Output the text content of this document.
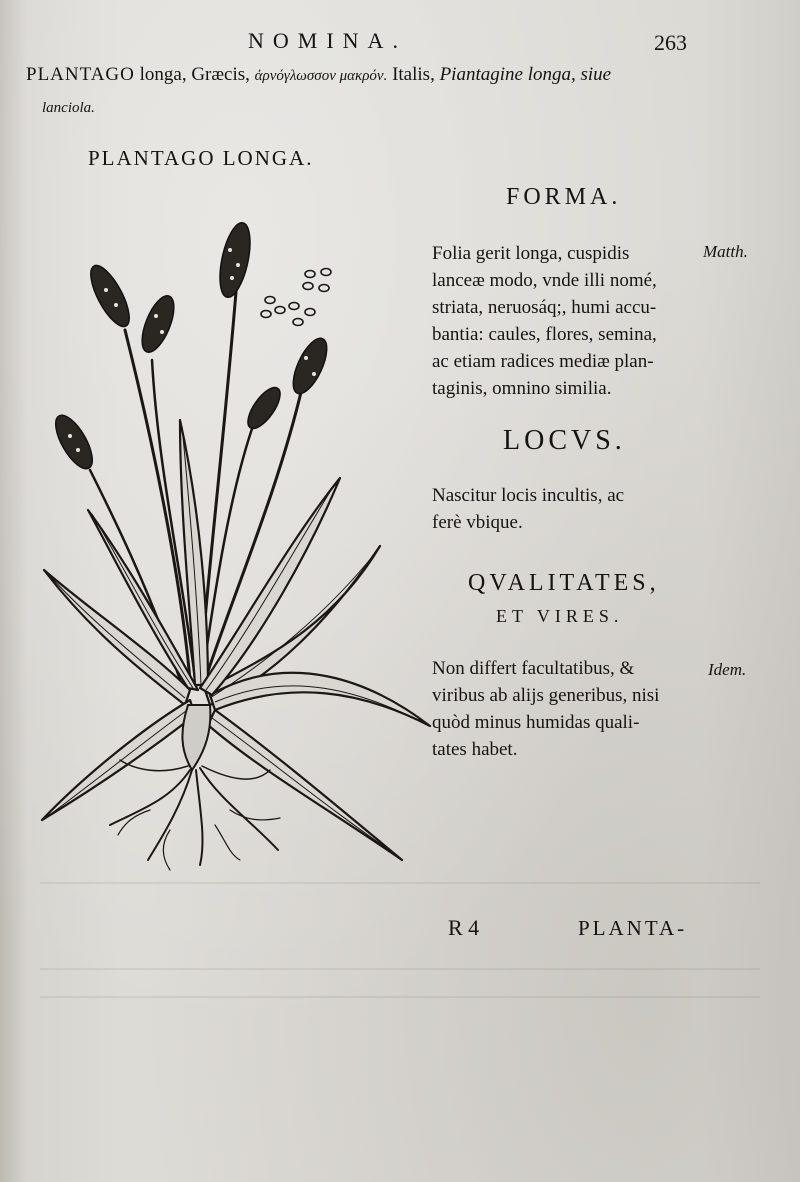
NOMINA.	263
PLANTAGO longa, Græcis, ἀρνόγλωσσον μακρόν. Italis, Piantagine longa, siue
lanciola.
PLANTAGO LONGA.
FORMA.
Matth.
Folia gerit longa, cuspidis
lanceæ modo, vnde illi nomé,
striata, neruosáq;, humi accu-
bantia: caules, flores, semina,
ac etiam radices mediæ plan-
taginis, omnino similia.
LOCVS.
Nascitur locis incultis, ac
ferè vbique.
QVALITATES,
ET VIRES.
Idem.
Non differt facultatibus, &
viribus ab alijs generibus, nisi
quòd minus humidas quali-
tates habet.
R 4	PLANTA-
